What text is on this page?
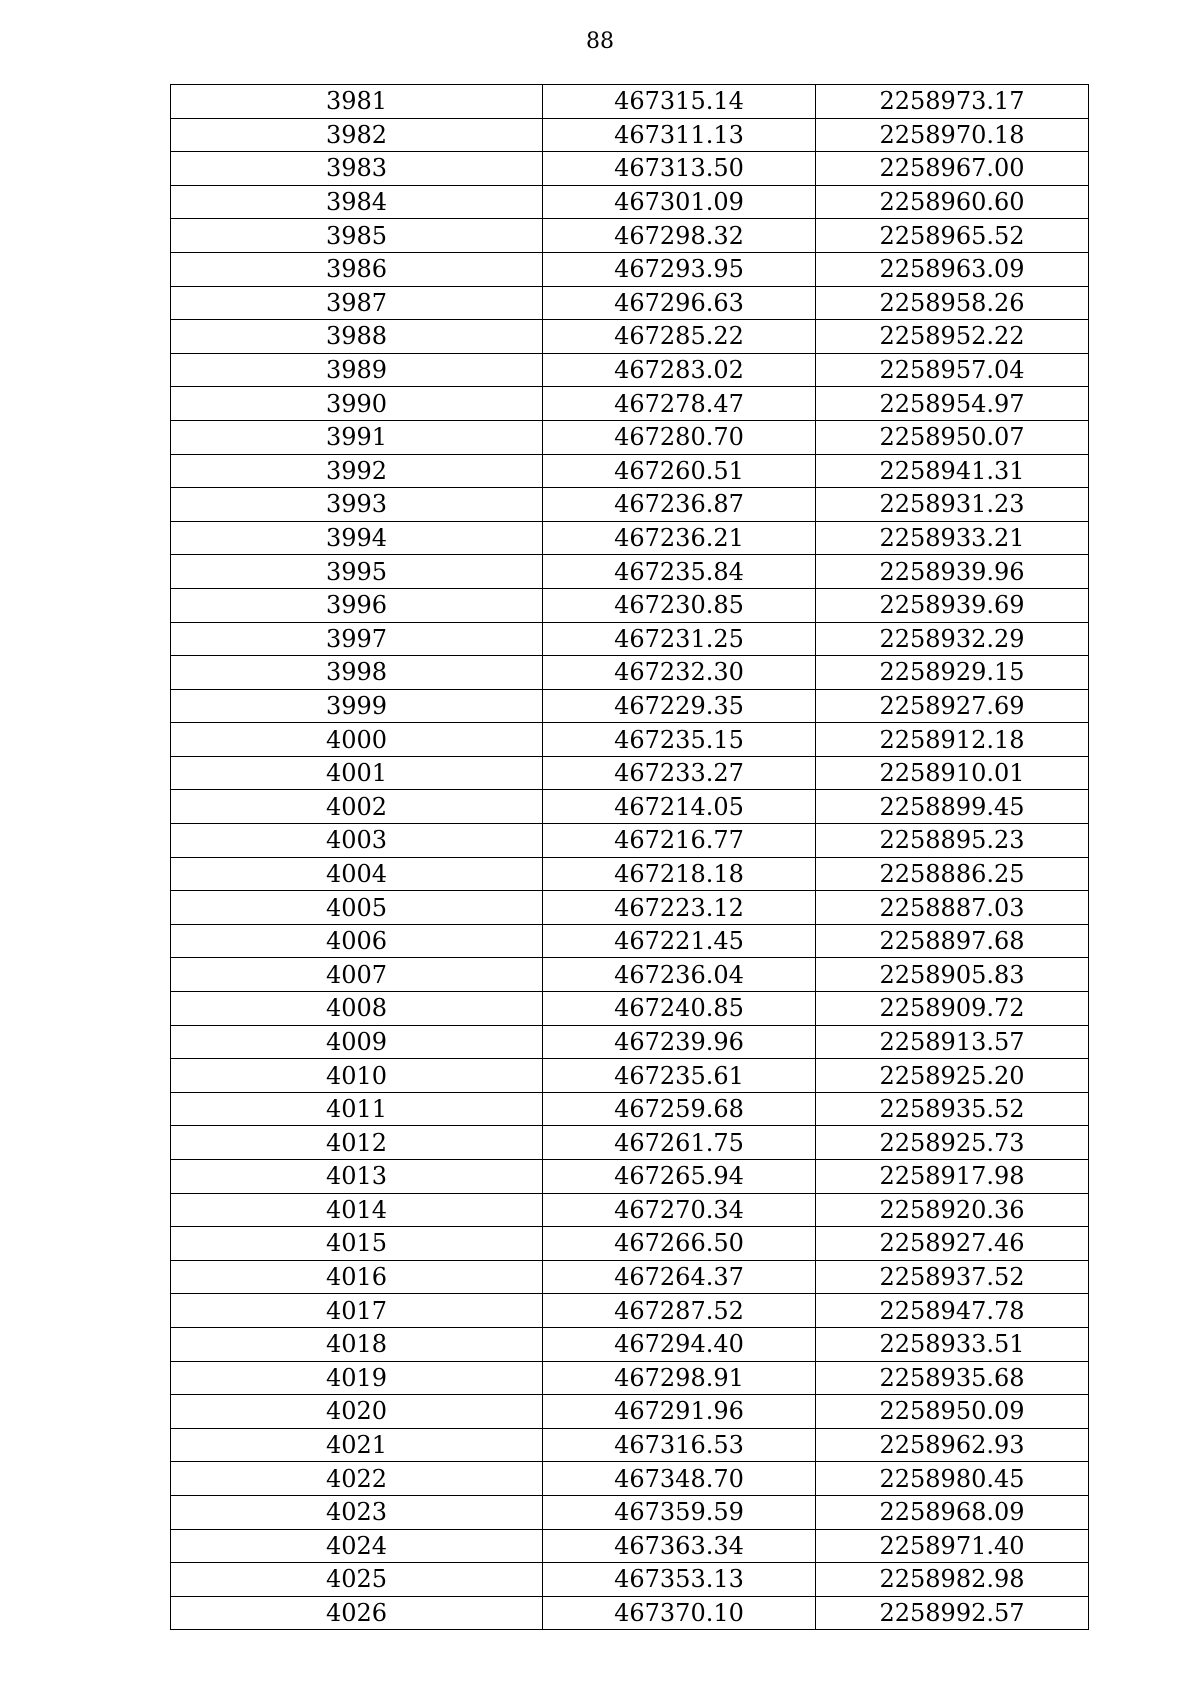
88
3981	467315.14	2258973.17
3982	467311.13	2258970.18
3983	467313.50	2258967.00
3984	467301.09	2258960.60
3985	467298.32	2258965.52
3986	467293.95	2258963.09
3987	467296.63	2258958.26
3988	467285.22	2258952.22
3989	467283.02	2258957.04
3990	467278.47	2258954.97
3991	467280.70	2258950.07
3992	467260.51	2258941.31
3993	467236.87	2258931.23
3994	467236.21	2258933.21
3995	467235.84	2258939.96
3996	467230.85	2258939.69
3997	467231.25	2258932.29
3998	467232.30	2258929.15
3999	467229.35	2258927.69
4000	467235.15	2258912.18
4001	467233.27	2258910.01
4002	467214.05	2258899.45
4003	467216.77	2258895.23
4004	467218.18	2258886.25
4005	467223.12	2258887.03
4006	467221.45	2258897.68
4007	467236.04	2258905.83
4008	467240.85	2258909.72
4009	467239.96	2258913.57
4010	467235.61	2258925.20
4011	467259.68	2258935.52
4012	467261.75	2258925.73
4013	467265.94	2258917.98
4014	467270.34	2258920.36
4015	467266.50	2258927.46
4016	467264.37	2258937.52
4017	467287.52	2258947.78
4018	467294.40	2258933.51
4019	467298.91	2258935.68
4020	467291.96	2258950.09
4021	467316.53	2258962.93
4022	467348.70	2258980.45
4023	467359.59	2258968.09
4024	467363.34	2258971.40
4025	467353.13	2258982.98
4026	467370.10	2258992.57
